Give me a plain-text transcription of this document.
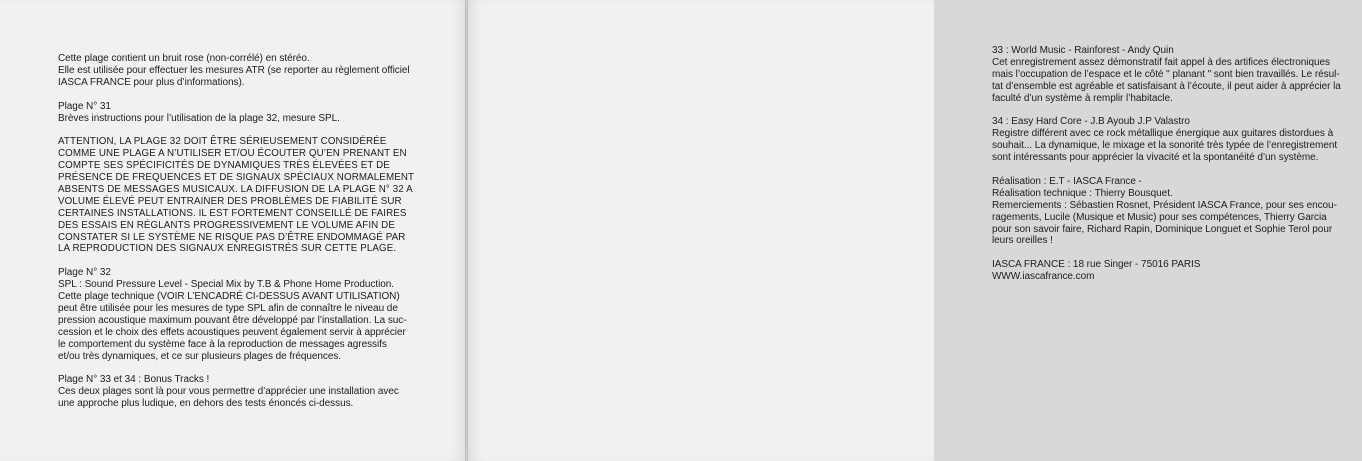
Cette plage contient un bruit rose (non-corrélé) en stéréo.
Elle est utilisée pour effectuer les mesures ATR (se reporter au règlement officiel
IASCA FRANCE pour plus d’informations).
Plage N° 31
Brèves instructions pour l’utilisation de la plage 32, mesure SPL.
ATTENTION, LA PLAGE 32 DOIT ÊTRE SÉRIEUSEMENT CONSIDÉRÉE
COMME UNE PLAGE A N’UTILISER ET/OU ÉCOUTER QU’EN PRENANT EN
COMPTE SES SPÉCIFICITÉS DE DYNAMIQUES TRÈS ÉLEVÉES ET DE
PRÉSENCE DE FREQUENCES ET DE SIGNAUX SPÉCIAUX NORMALEMENT
ABSENTS DE MESSAGES MUSICAUX. LA DIFFUSION DE LA PLAGE N° 32 A
VOLUME ÉLEVÉ PEUT ENTRAINER DES PROBLÈMES DE FIABILITÉ SUR
CERTAINES INSTALLATIONS. IL EST FORTEMENT CONSEILLÉ DE FAIRES
DES ESSAIS EN RÉGLANTS PROGRESSIVEMENT LE VOLUME AFIN DE
CONSTATER SI LE SYSTÈME NE RISQUE PAS D’ÊTRE ENDOMMAGÉ PAR
LA REPRODUCTION DES SIGNAUX ENREGISTRÉS SUR CETTE PLAGE.
Plage N° 32
SPL : Sound Pressure Level - Special Mix by T.B & Phone Home Production.
Cette plage technique (VOIR L’ENCADRÉ CI-DESSUS AVANT UTILISATION)
peut être utilisée pour les mesures de type SPL afin de connaître le niveau de
pression acoustique maximum pouvant être développé par l’installation. La suc-
cession et le choix des effets acoustiques peuvent également servir à apprécier
le comportement du système face à la reproduction de messages agressifs
et/ou très dynamiques, et ce sur plusieurs plages de fréquences.
Plage N° 33 et 34 : Bonus Tracks !
Ces deux plages sont là pour vous permettre d’apprécier une installation avec
une approche plus ludique, en dehors des tests énoncés ci-dessus.
33 : World Music - Rainforest - Andy Quin
Cet enregistrement assez démonstratif fait appel à des artifices électroniques
mais l’occupation de l’espace et le côté " planant " sont bien travaillés. Le résul-
tat d’ensemble est agréable et satisfaisant à l’écoute, il peut aider à apprécier la
faculté d’un système à remplir l’habitacle.
34 : Easy Hard Core - J.B Ayoub J.P Valastro
Registre différent avec ce rock métallique énergique aux guitares distordues à
souhait... La dynamique, le mixage et la sonorité très typée de l’enregistrement
sont intéressants pour apprécier la vivacité et la spontanéité d’un système.
Réalisation : E.T - IASCA France -
Réalisation technique : Thierry Bousquet.
Remerciements : Sébastien Rosnet, Président IASCA France, pour ses encou-
ragements, Lucile (Musique et Music) pour ses compétences, Thierry Garcia
pour son savoir faire, Richard Rapin, Dominique Longuet et Sophie Terol pour
leurs oreilles !
IASCA FRANCE : 18 rue Singer - 75016 PARIS
WWW.iascafrance.com
